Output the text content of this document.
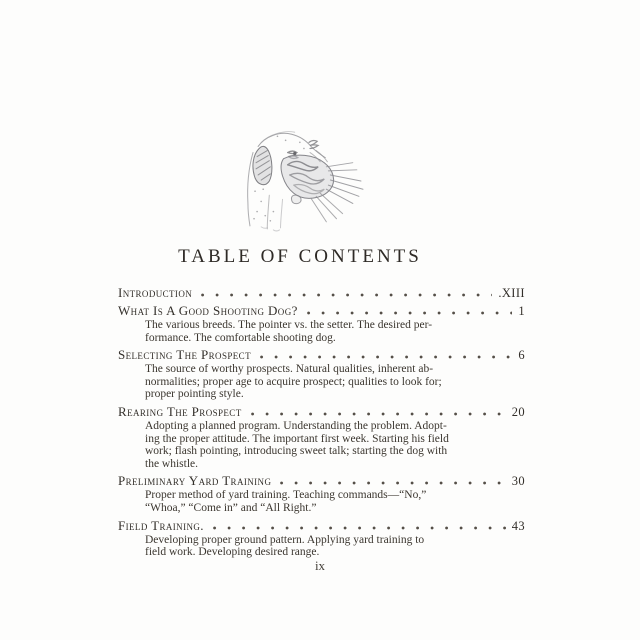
TABLE OF CONTENTS
Introduction	.XIII
What Is A Good Shooting Dog?	1
The various breeds. The pointer vs. the setter. The desired per-
formance. The comfortable shooting dog.
Selecting The Prospect	6
The source of worthy prospects. Natural qualities, inherent ab-
normalities; proper age to acquire prospect; qualities to look for;
proper pointing style.
Rearing The Prospect	20
Adopting a planned program. Understanding the problem. Adopt-
ing the proper attitude. The important first week. Starting his field
work; flash pointing, introducing sweet talk; starting the dog with
the whistle.
Preliminary Yard Training	30
Proper method of yard training. Teaching commands—“No,”
“Whoa,” “Come in” and “All Right.”
Field Training.	43
Developing proper ground pattern. Applying yard training to
field work. Developing desired range.
ix
